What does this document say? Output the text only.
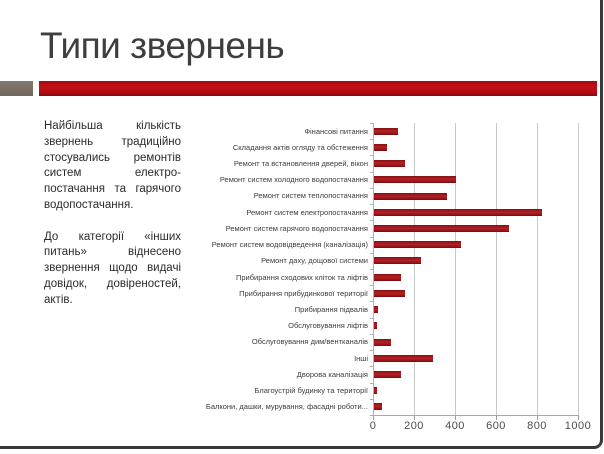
Типи звернень

Найбільша кількість звернень традиційно стосувались ремонтів систем електро-постачання та гарячого водопостачання.

До категорії «інших питань» віднесено звернення щодо видачі довідок, довіреностей, актів.

Фінансові питання
Складання актів огляду та обстеження
Ремонт та встановлення дверей, вікон
Ремонт систем холодного водопостачання
Ремонт систем теплопостачання
Ремонт систем електропостачання
Ремонт систем гарячого водопостачання
Ремонт систем водовідведення (каналізація)
Ремонт даху, дощової системи
Прибирання сходових кліток та ліфтів
Прибирання прибудинкової території
Прибирання підвалів
Обслуговування ліфтів
Обслуговування дим/вентканалів
Інші
Дворова каналізація
Благоустрій будинку та території
Балкони, дашки, мурування, фасадні роботи...
0	200 400 600 800 1000
